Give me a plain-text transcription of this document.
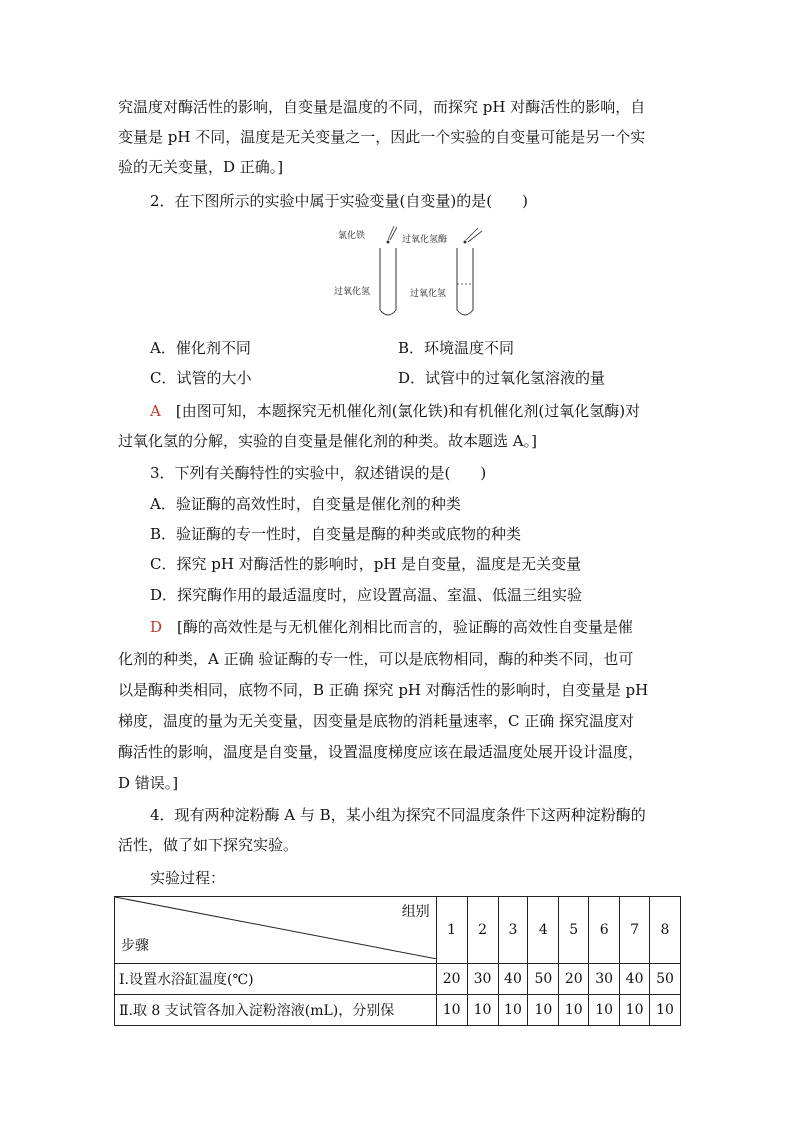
究温度对酶活性的影响，自变量是温度的不同，而探究 pH 对酶活性的影响，自
变量是 pH 不同，温度是无关变量之一，因此一个实验的自变量可能是另一个实
验的无关变量，D 正确。]
2．在下图所示的实验中属于实验变量(自变量)的是(　　)
氯化铁	过氧化氢酶
过氧化氢	过氧化氢
A．催化剂不同	B．环境温度不同
C．试管的大小	D．试管中的过氧化氢溶液的量
A　 [由图可知，本题探究无机催化剂(氯化铁)和有机催化剂(过氧化氢酶)对
过氧化氢的分解，实验的自变量是催化剂的种类。故本题选 A。]
3．下列有关酶特性的实验中，叙述错误的是(　　)
A．验证酶的高效性时，自变量是催化剂的种类
B．验证酶的专一性时，自变量是酶的种类或底物的种类
C．探究 pH 对酶活性的影响时，pH 是自变量，温度是无关变量
D．探究酶作用的最适温度时，应设置高温、室温、低温三组实验
D　 [酶的高效性是与无机催化剂相比而言的，验证酶的高效性自变量是催
化剂的种类，A 正确 验证酶的专一性，可以是底物相同，酶的种类不同，也可
以是酶种类相同，底物不同，B 正确 探究 pH 对酶活性的影响时，自变量是 pH
梯度，温度的量为无关变量，因变量是底物的消耗量速率，C 正确 探究温度对
酶活性的影响，温度是自变量，设置温度梯度应该在最适温度处展开设计温度，
D 错误。]
4．现有两种淀粉酶 A 与 B，某小组为探究不同温度条件下这两种淀粉酶的
活性，做了如下探究实验。
实验过程：
组别
步骤	1	2	3	4	5	6	7	8
Ⅰ.设置水浴缸温度(℃)	20	30	40	50	20	30	40	50
Ⅱ.取 8 支试管各加入淀粉溶液(mL)，分别保	10	10	10	10	10	10	10	10
